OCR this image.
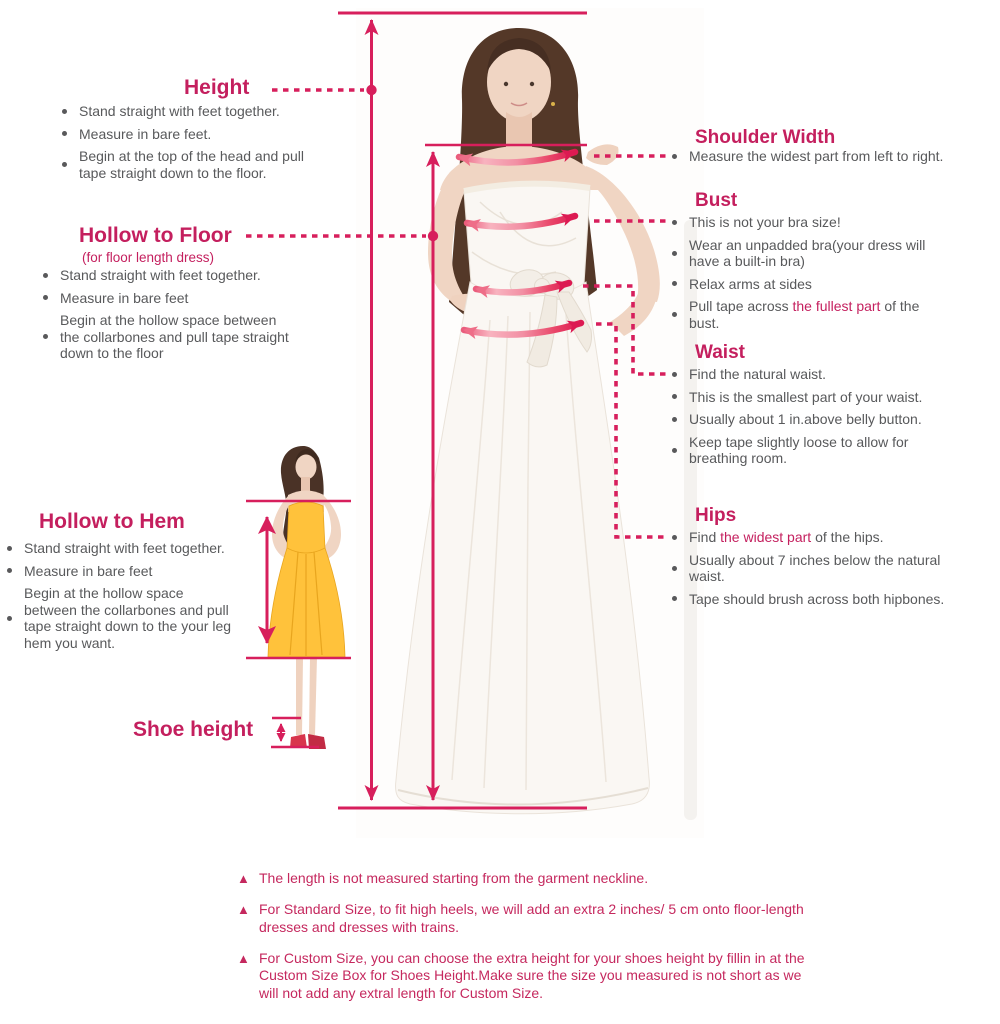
Height
Stand straight with feet together.
Measure in bare feet.
Begin at the top of the head and pull tape straight down to the floor.
Hollow to Floor
(for floor length dress)
Stand straight with feet together.
Measure in bare feet
Begin at the hollow space between the collarbones and pull tape straight down to the floor
Hollow to Hem
Stand straight with feet together.
Measure in bare feet
Begin at the hollow space between the collarbones and pull tape straight down to the your leg hem you want.
Shoe height
Shoulder Width
Measure the widest part from left to right.
Bust
This is not your bra size!
Wear an unpadded bra(your dress will have a built-in bra)
Relax arms at sides
Pull tape across the fullest part of the bust.
Waist
Find the natural waist.
This is the smallest part of your waist.
Usually about 1 in.above belly button.
Keep tape slightly loose to allow for breathing room.
Hips
Find the widest part of the hips.
Usually about 7 inches below the natural waist.
Tape should brush across both hipbones.
▲ The length is not measured starting from the garment neckline.
▲ For Standard Size, to fit high heels, we will add an extra 2 inches/ 5 cm onto floor-length dresses and dresses with trains.
▲ For Custom Size, you can choose the extra height for your shoes height by fillin in at the Custom Size Box for Shoes Height.Make sure the size you measured is not short as we will not add any extral length for Custom Size.
